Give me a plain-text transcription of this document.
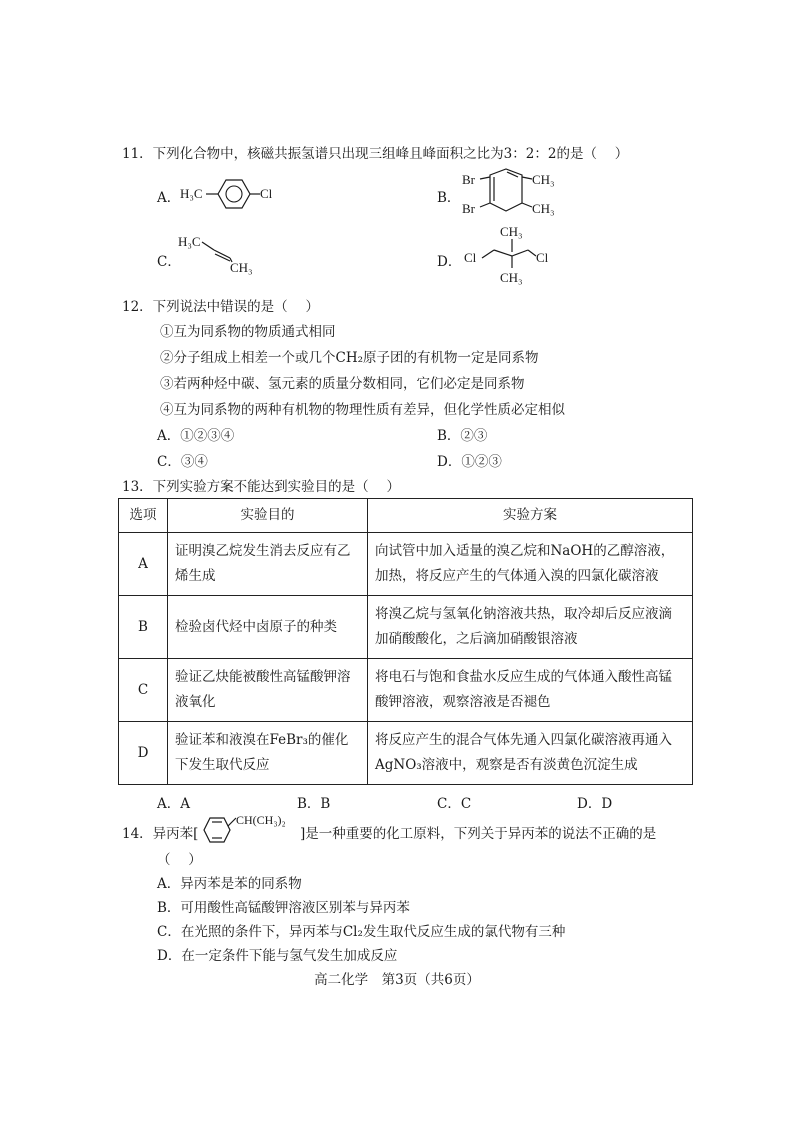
11．下列化合物中，核磁共振氢谱只出现三组峰且峰面积之比为3：2：2的是（　 ）
A． H₃C	Cl	B．
Br
Br
CH₃
CH₃
C．
H₃C
CH₃	D．
CH₃
Cl	Cl
CH₃
12．下列说法中错误的是（　 ）
①互为同系物的物质通式相同
②分子组成上相差一个或几个CH₂原子团的有机物一定是同系物
③若两种烃中碳、氢元素的质量分数相同，它们必定是同系物
④互为同系物的两种有机物的物理性质有差异，但化学性质必定相似
A．①②③④	B．②③
C．③④	D．①②③
13．下列实验方案不能达到实验目的是（　 ）
选项	实验目的	实验方案
A	证明溴乙烷发生消去反应有乙烯生成	向试管中加入适量的溴乙烷和NaOH的乙醇溶液，加热，将反应产生的气体通入溴的四氯化碳溶液
B	检验卤代烃中卤原子的种类	将溴乙烷与氢氧化钠溶液共热，取冷却后反应液滴加硝酸酸化，之后滴加硝酸银溶液
C	验证乙炔能被酸性高锰酸钾溶液氧化	将电石与饱和食盐水反应生成的气体通入酸性高锰酸钾溶液，观察溶液是否褪色
D	验证苯和液溴在FeBr₃的催化下发生取代反应	将反应产生的混合气体先通入四氯化碳溶液再通入AgNO₃溶液中，观察是否有淡黄色沉淀生成
A．A	B．B	C．C	D．D
14．异丙苯[
CH(CH₃)₂
]是一种重要的化工原料，下列关于异丙苯的说法不正确的是
（　 ）
A．异丙苯是苯的同系物
B．可用酸性高锰酸钾溶液区别苯与异丙苯
C．在光照的条件下，异丙苯与Cl₂发生取代反应生成的氯代物有三种
D．在一定条件下能与氢气发生加成反应
高二化学　第3页（共6页）
